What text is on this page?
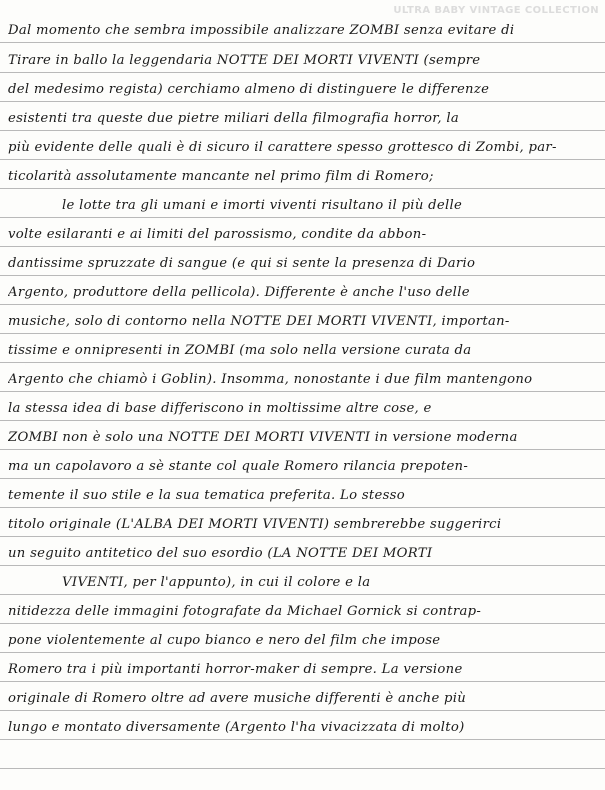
ULTRA BABY VINTAGE COLLECTION
Dal momento che sembra impossibile analizzare ZOMBI senza evitare di
Tirare in ballo la leggendaria NOTTE DEI MORTI VIVENTI (sempre
del medesimo regista) cerchiamo almeno di distinguere le differenze
esistenti tra queste due pietre miliari della filmografia horror, la
più evidente delle quali è di sicuro il carattere spesso grottesco di Zombi, par-
ticolarità assolutamente mancante nel primo film di Romero;
le lotte tra gli umani e imorti viventi risultano il più delle
volte esilaranti e ai limiti del parossismo, condite da abbon-
dantissime spruzzate di sangue (e qui si sente la presenza di Dario
Argento, produttore della pellicola). Differente è anche l'uso delle
musiche, solo di contorno nella NOTTE DEI MORTI VIVENTI, importan-
tissime e onnipresenti in ZOMBI (ma solo nella versione curata da
Argento che chiamò i Goblin). Insomma, nonostante i due film mantengono
la stessa idea di base differiscono in moltissime altre cose, e
ZOMBI non è solo una NOTTE DEI MORTI VIVENTI in versione moderna
ma un capolavoro a sè stante col quale Romero rilancia prepoten-
temente il suo stile e la sua tematica preferita. Lo stesso
titolo originale (L'ALBA DEI MORTI VIVENTI) sembrerebbe suggerirci
un seguito antitetico del suo esordio (LA NOTTE DEI MORTI
VIVENTI, per l'appunto), in cui il colore e la
nitidezza delle immagini fotografate da Michael Gornick si contrap-
pone violentemente al cupo bianco e nero del film che impose
Romero tra i più importanti horror-maker di sempre. La versione
originale di Romero oltre ad avere musiche differenti è anche più
lungo e montato diversamente (Argento l'ha vivacizzata di molto)
